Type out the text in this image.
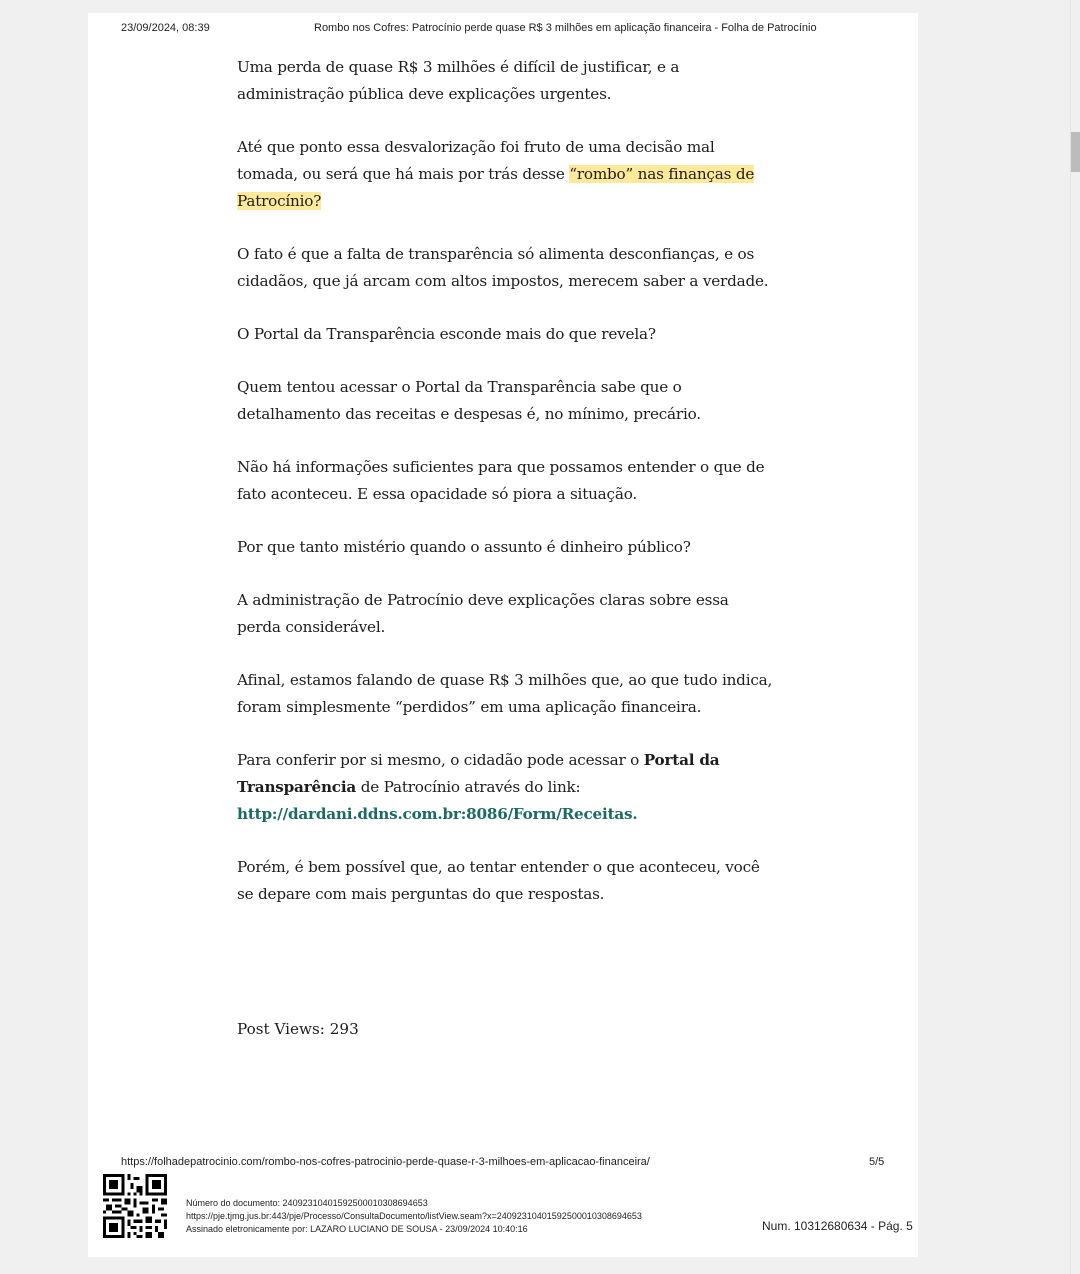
23/09/2024, 08:39	Rombo nos Cofres: Patrocínio perde quase R$ 3 milhões em aplicação financeira - Folha de Patrocínio

Uma perda de quase R$ 3 milhões é difícil de justificar, e a administração pública deve explicações urgentes.

Até que ponto essa desvalorização foi fruto de uma decisão mal tomada, ou será que há mais por trás desse “rombo” nas finanças de Patrocínio?

O fato é que a falta de transparência só alimenta desconfianças, e os cidadãos, que já arcam com altos impostos, merecem saber a verdade.

O Portal da Transparência esconde mais do que revela?

Quem tentou acessar o Portal da Transparência sabe que o detalhamento das receitas e despesas é, no mínimo, precário.

Não há informações suficientes para que possamos entender o que de fato aconteceu. E essa opacidade só piora a situação.

Por que tanto mistério quando o assunto é dinheiro público?

A administração de Patrocínio deve explicações claras sobre essa perda considerável.

Afinal, estamos falando de quase R$ 3 milhões que, ao que tudo indica, foram simplesmente “perdidos” em uma aplicação financeira.

Para conferir por si mesmo, o cidadão pode acessar o Portal da Transparência de Patrocínio através do link:
http://dardani.ddns.com.br:8086/Form/Receitas.

Porém, é bem possível que, ao tentar entender o que aconteceu, você se depare com mais perguntas do que respostas.

Post Views: 293
https://folhadepatrocinio.com/rombo-nos-cofres-patrocinio-perde-quase-r-3-milhoes-em-aplicacao-financeira/	5/5
Número do documento: 24092310401592500010308694653
https://pje.tjmg.jus.br:443/pje/Processo/ConsultaDocumento/listView.seam?x=24092310401592500010308694653
Assinado eletronicamente por: LAZARO LUCIANO DE SOUSA - 23/09/2024 10:40:16	Num. 10312680634 - Pág. 5
